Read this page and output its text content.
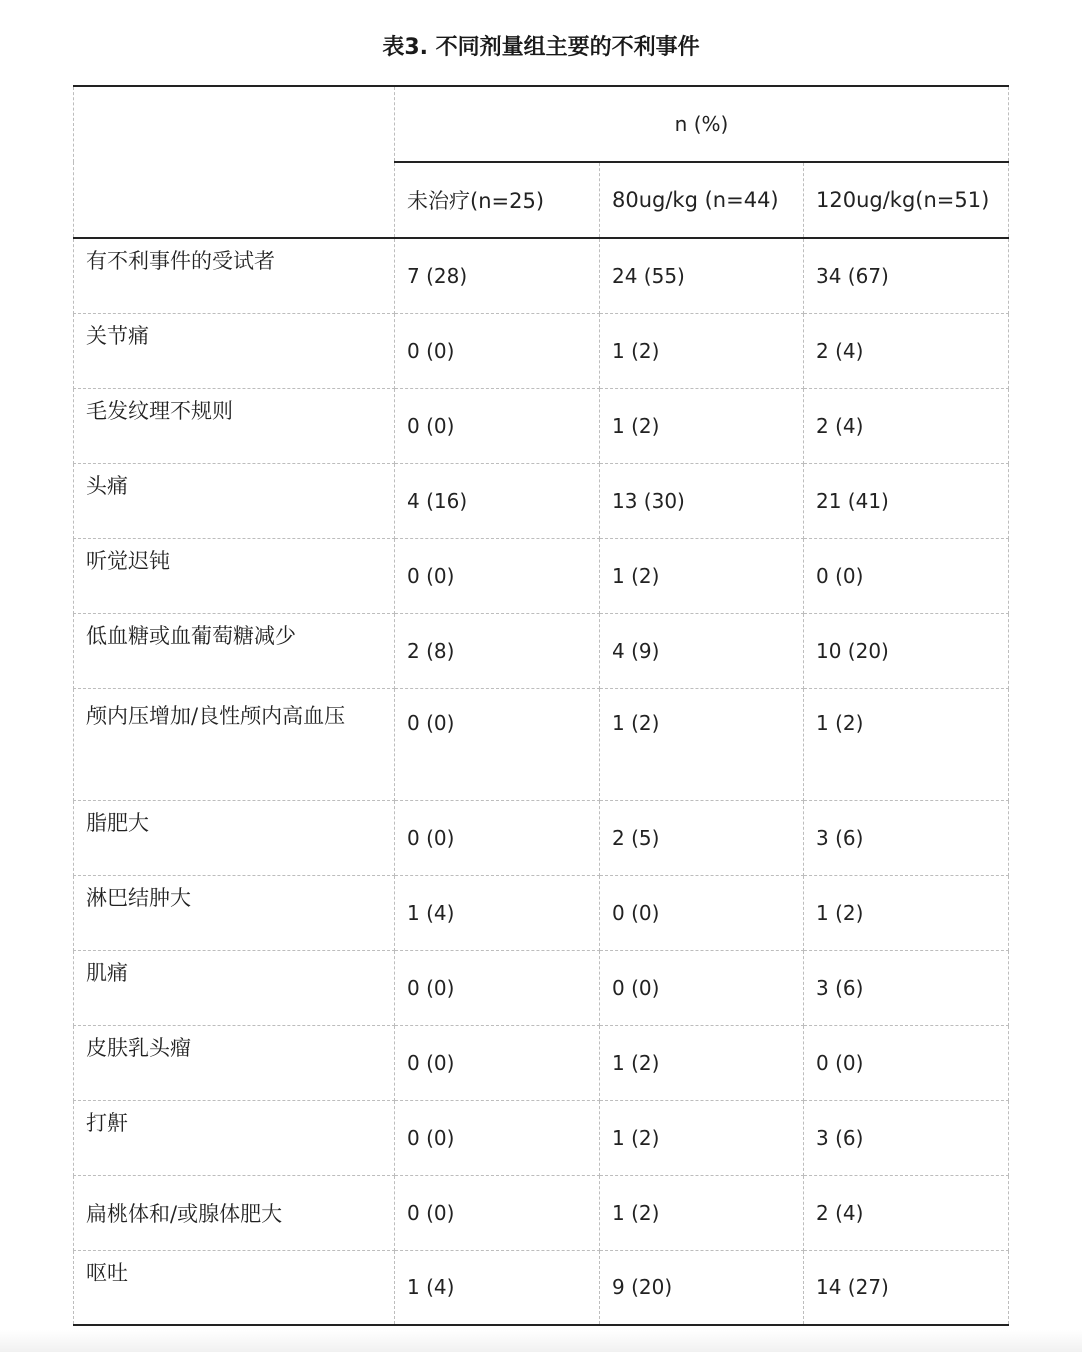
表3. 不同剂量组主要的不利事件
	n (%)		
	未治疗(n=25)	80ug/kg (n=44)	120ug/kg(n=51)
有不利事件的受试者	7 (28)	24 (55)	34 (67)
关节痛	0 (0)	1 (2)	2 (4)
毛发纹理不规则	0 (0)	1 (2)	2 (4)
头痛	4 (16)	13 (30)	21 (41)
听觉迟钝	0 (0)	1 (2)	0 (0)
低血糖或血葡萄糖减少	2 (8)	4 (9)	10 (20)
颅内压增加/良性颅内高血压	0 (0)	1 (2)	1 (2)
脂肥大	0 (0)	2 (5)	3 (6)
淋巴结肿大	1 (4)	0 (0)	1 (2)
肌痛	0 (0)	0 (0)	3 (6)
皮肤乳头瘤	0 (0)	1 (2)	0 (0)
打鼾	0 (0)	1 (2)	3 (6)
扁桃体和/或腺体肥大	0 (0)	1 (2)	2 (4)
呕吐	1 (4)	9 (20)	14 (27)
